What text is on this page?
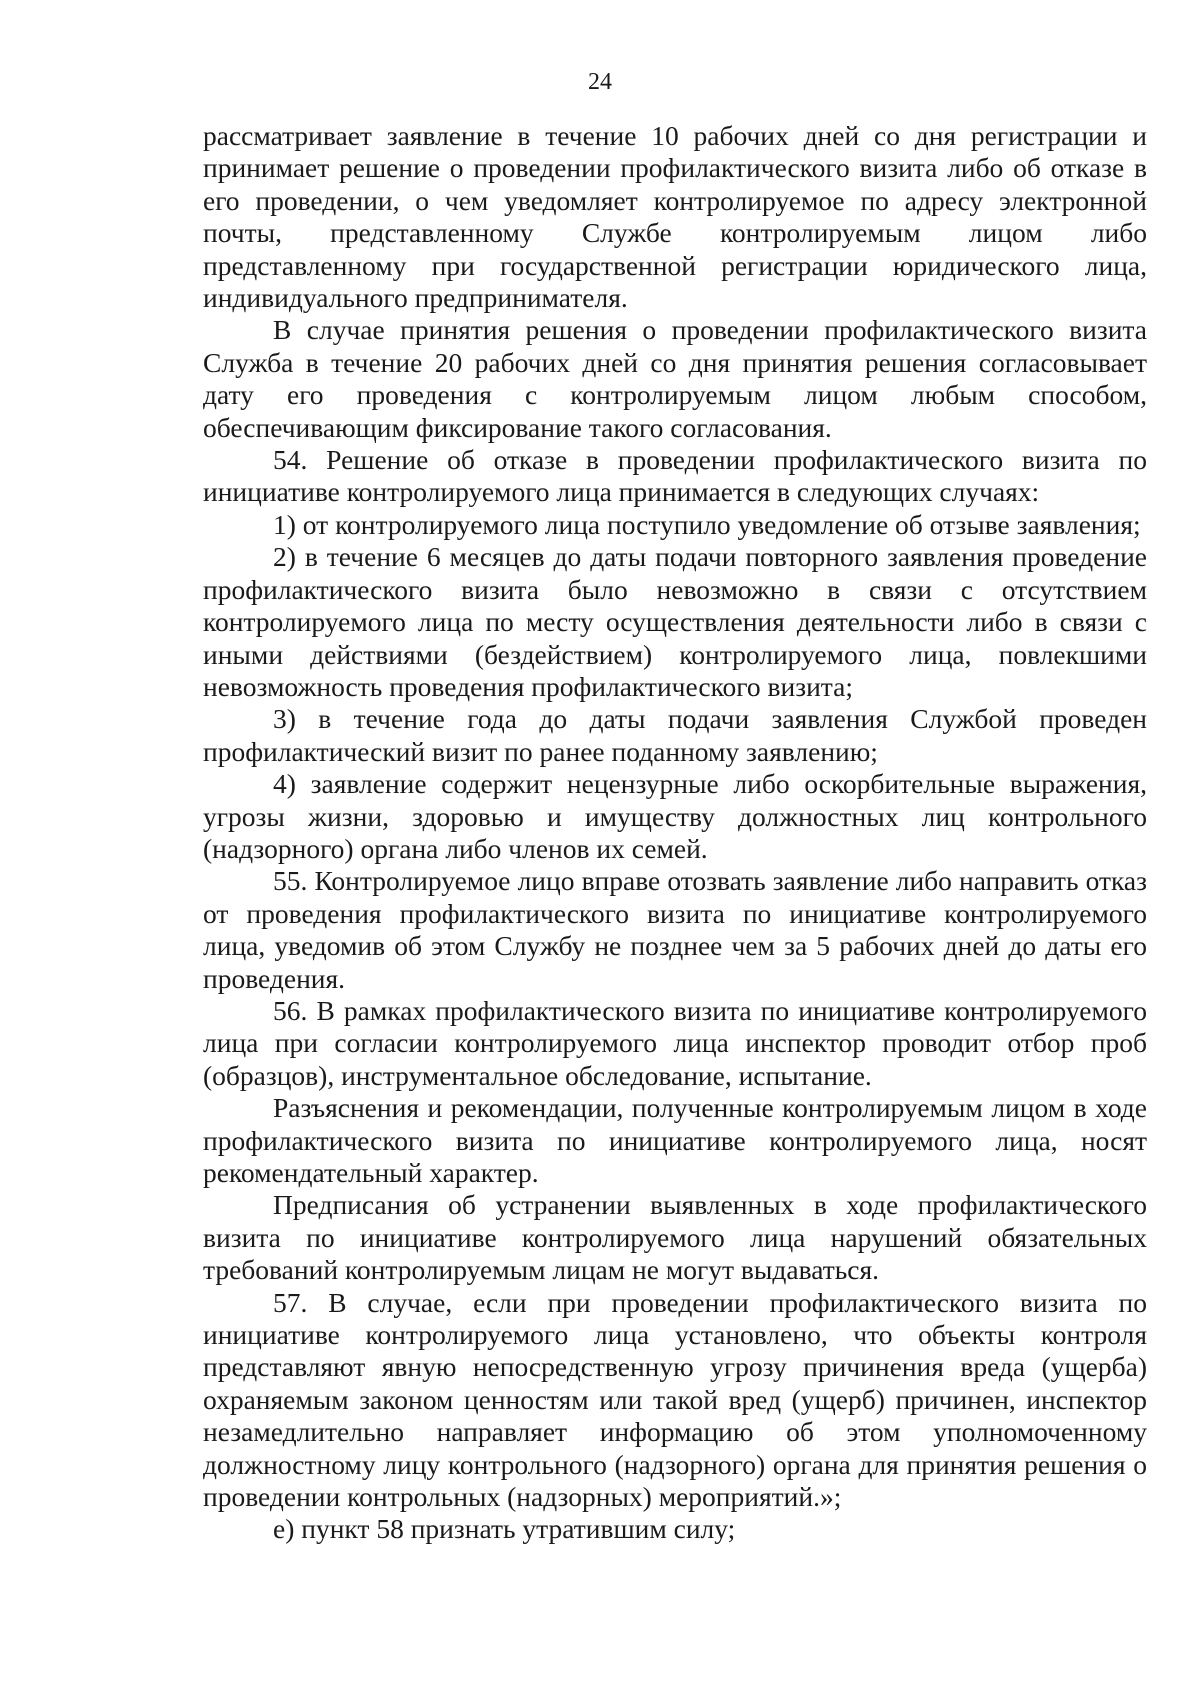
24

рассматривает заявление в течение 10 рабочих дней со дня регистрации и принимает решение о проведении профилактического визита либо об отказе в его проведении, о чем уведомляет контролируемое по адресу электронной почты, представленному Службе контролируемым лицом либо представленному при государственной регистрации юридического лица, индивидуального предпринимателя.

В случае принятия решения о проведении профилактического визита Служба в течение 20 рабочих дней со дня принятия решения согласовывает дату его проведения с контролируемым лицом любым способом, обеспечивающим фиксирование такого согласования.

54. Решение об отказе в проведении профилактического визита по инициативе контролируемого лица принимается в следующих случаях:

1) от контролируемого лица поступило уведомление об отзыве заявления;

2) в течение 6 месяцев до даты подачи повторного заявления проведение профилактического визита было невозможно в связи с отсутствием контролируемого лица по месту осуществления деятельности либо в связи с иными действиями (бездействием) контролируемого лица, повлекшими невозможность проведения профилактического визита;

3) в течение года до даты подачи заявления Службой проведен профилактический визит по ранее поданному заявлению;

4) заявление содержит нецензурные либо оскорбительные выражения, угрозы жизни, здоровью и имуществу должностных лиц контрольного (надзорного) органа либо членов их семей.

55. Контролируемое лицо вправе отозвать заявление либо направить отказ от проведения профилактического визита по инициативе контролируемого лица, уведомив об этом Службу не позднее чем за 5 рабочих дней до даты его проведения.

56. В рамках профилактического визита по инициативе контролируемого лица при согласии контролируемого лица инспектор проводит отбор проб (образцов), инструментальное обследование, испытание.

Разъяснения и рекомендации, полученные контролируемым лицом в ходе профилактического визита по инициативе контролируемого лица, носят рекомендательный характер.

Предписания об устранении выявленных в ходе профилактического визита по инициативе контролируемого лица нарушений обязательных требований контролируемым лицам не могут выдаваться.

57. В случае, если при проведении профилактического визита по инициативе контролируемого лица установлено, что объекты контроля представляют явную непосредственную угрозу причинения вреда (ущерба) охраняемым законом ценностям или такой вред (ущерб) причинен, инспектор незамедлительно направляет информацию об этом уполномоченному должностному лицу контрольного (надзорного) органа для принятия решения о проведении контрольных (надзорных) мероприятий.»;

е) пункт 58 признать утратившим силу;
